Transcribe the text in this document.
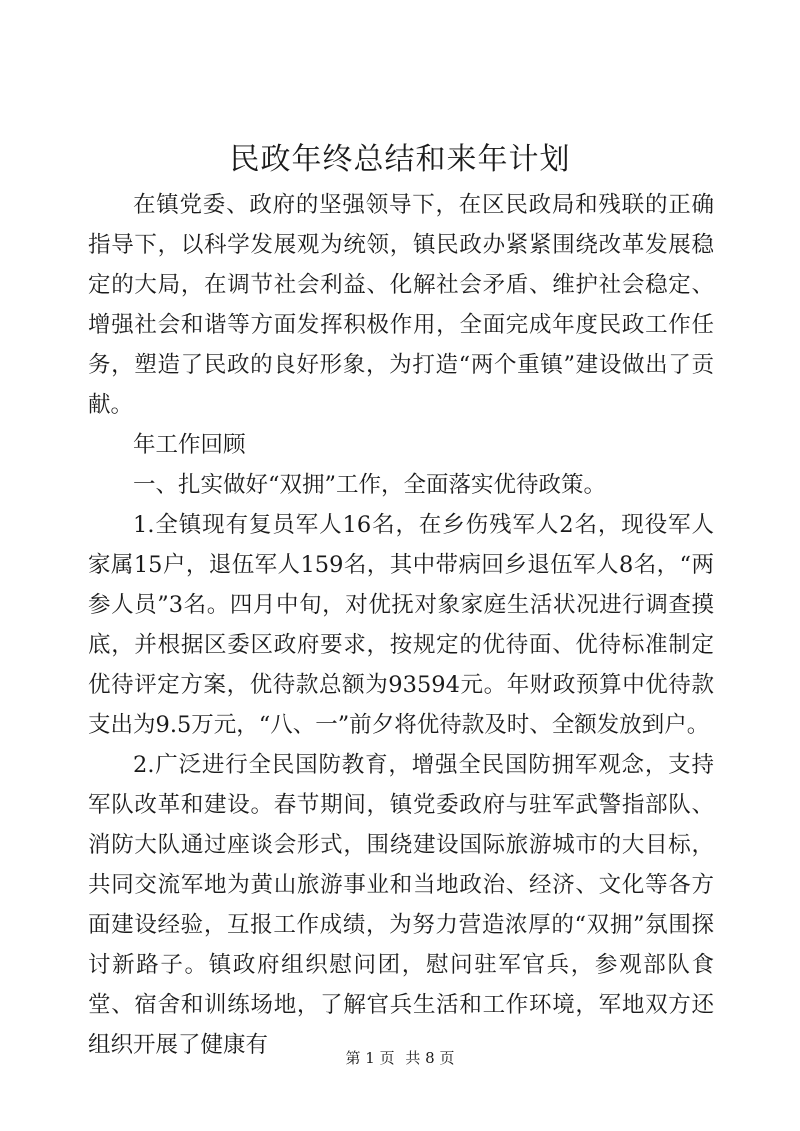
民政年终总结和来年计划

在镇党委、政府的坚强领导下，在区民政局和残联的正确指导下，以科学发展观为统领，镇民政办紧紧围绕改革发展稳定的大局，在调节社会利益、化解社会矛盾、维护社会稳定、增强社会和谐等方面发挥积极作用，全面完成年度民政工作任务，塑造了民政的良好形象，为打造“两个重镇”建设做出了贡献。

年工作回顾

一、扎实做好“双拥”工作，全面落实优待政策。

1.全镇现有复员军人16名，在乡伤残军人2名，现役军人家属15户，退伍军人159名，其中带病回乡退伍军人8名，“两参人员”3名。四月中旬，对优抚对象家庭生活状况进行调查摸底，并根据区委区政府要求，按规定的优待面、优待标准制定优待评定方案，优待款总额为93594元。年财政预算中优待款支出为9.5万元，“八、一”前夕将优待款及时、全额发放到户。

2.广泛进行全民国防教育，增强全民国防拥军观念，支持军队改革和建设。春节期间，镇党委政府与驻军武警指部队、消防大队通过座谈会形式，围绕建设国际旅游城市的大目标，共同交流军地为黄山旅游事业和当地政治、经济、文化等各方面建设经验，互报工作成绩，为努力营造浓厚的“双拥”氛围探讨新路子。镇政府组织慰问团，慰问驻军官兵，参观部队食堂、宿舍和训练场地，了解官兵生活和工作环境，军地双方还组织开展了健康有	第 1 页 共 8 页
